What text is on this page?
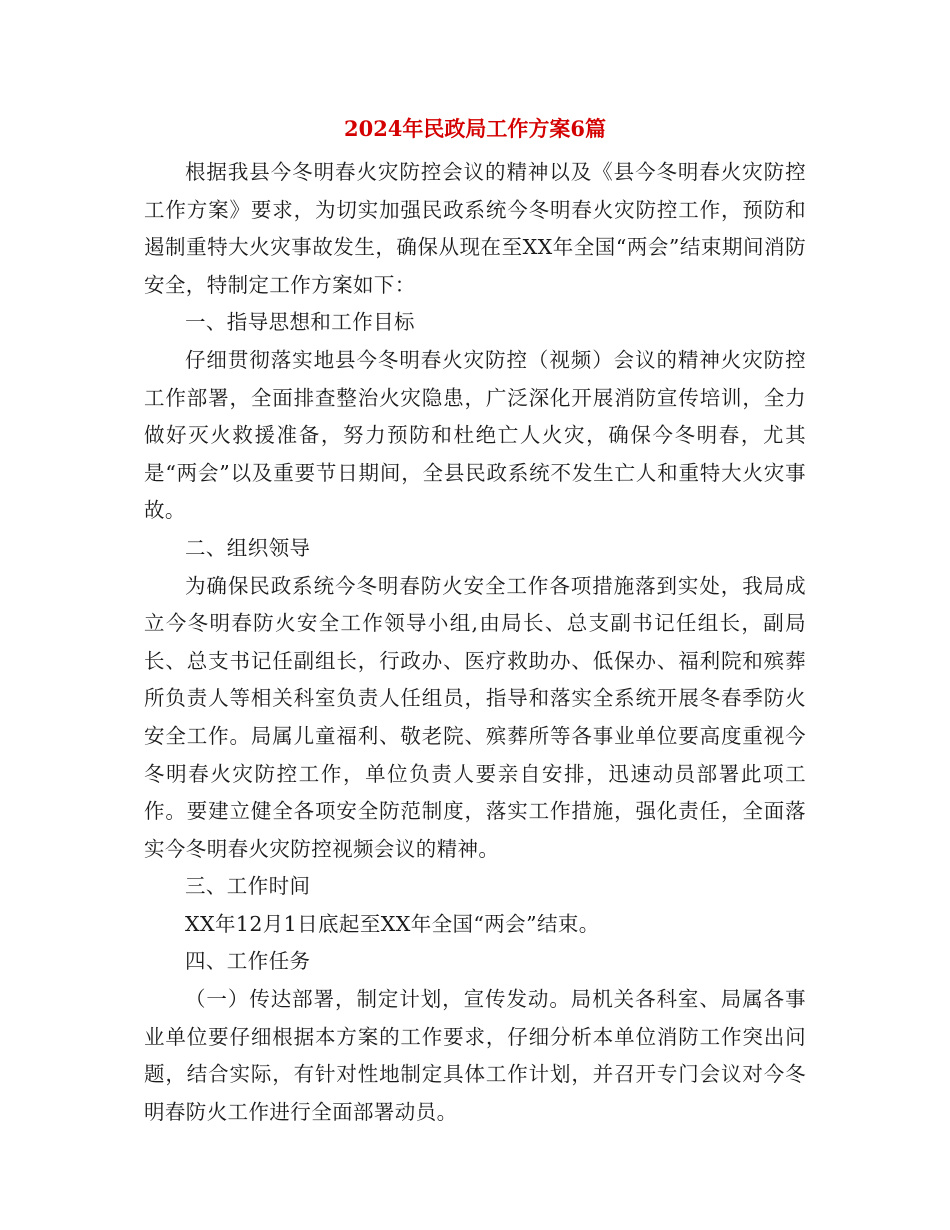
2024年民政局工作方案6篇

根据我县今冬明春火灾防控会议的精神以及《县今冬明春火灾防控工作方案》要求，为切实加强民政系统今冬明春火灾防控工作，预防和遏制重特大火灾事故发生，确保从现在至XX年全国“两会”结束期间消防安全，特制定工作方案如下：

一、指导思想和工作目标

仔细贯彻落实地县今冬明春火灾防控（视频）会议的精神火灾防控工作部署，全面排查整治火灾隐患，广泛深化开展消防宣传培训，全力做好灭火救援准备，努力预防和杜绝亡人火灾，确保今冬明春，尤其是“两会”以及重要节日期间，全县民政系统不发生亡人和重特大火灾事故。

二、组织领导

为确保民政系统今冬明春防火安全工作各项措施落到实处，我局成立今冬明春防火安全工作领导小组,由局长、总支副书记任组长，副局长、总支书记任副组长，行政办、医疗救助办、低保办、福利院和殡葬所负责人等相关科室负责人任组员，指导和落实全系统开展冬春季防火安全工作。局属儿童福利、敬老院、殡葬所等各事业单位要高度重视今冬明春火灾防控工作，单位负责人要亲自安排，迅速动员部署此项工作。要建立健全各项安全防范制度，落实工作措施，强化责任，全面落实今冬明春火灾防控视频会议的精神。

三、工作时间

XX年12月1日底起至XX年全国“两会”结束。

四、工作任务

（一）传达部署，制定计划，宣传发动。局机关各科室、局属各事业单位要仔细根据本方案的工作要求，仔细分析本单位消防工作突出问题，结合实际，有针对性地制定具体工作计划，并召开专门会议对今冬明春防火工作进行全面部署动员。
